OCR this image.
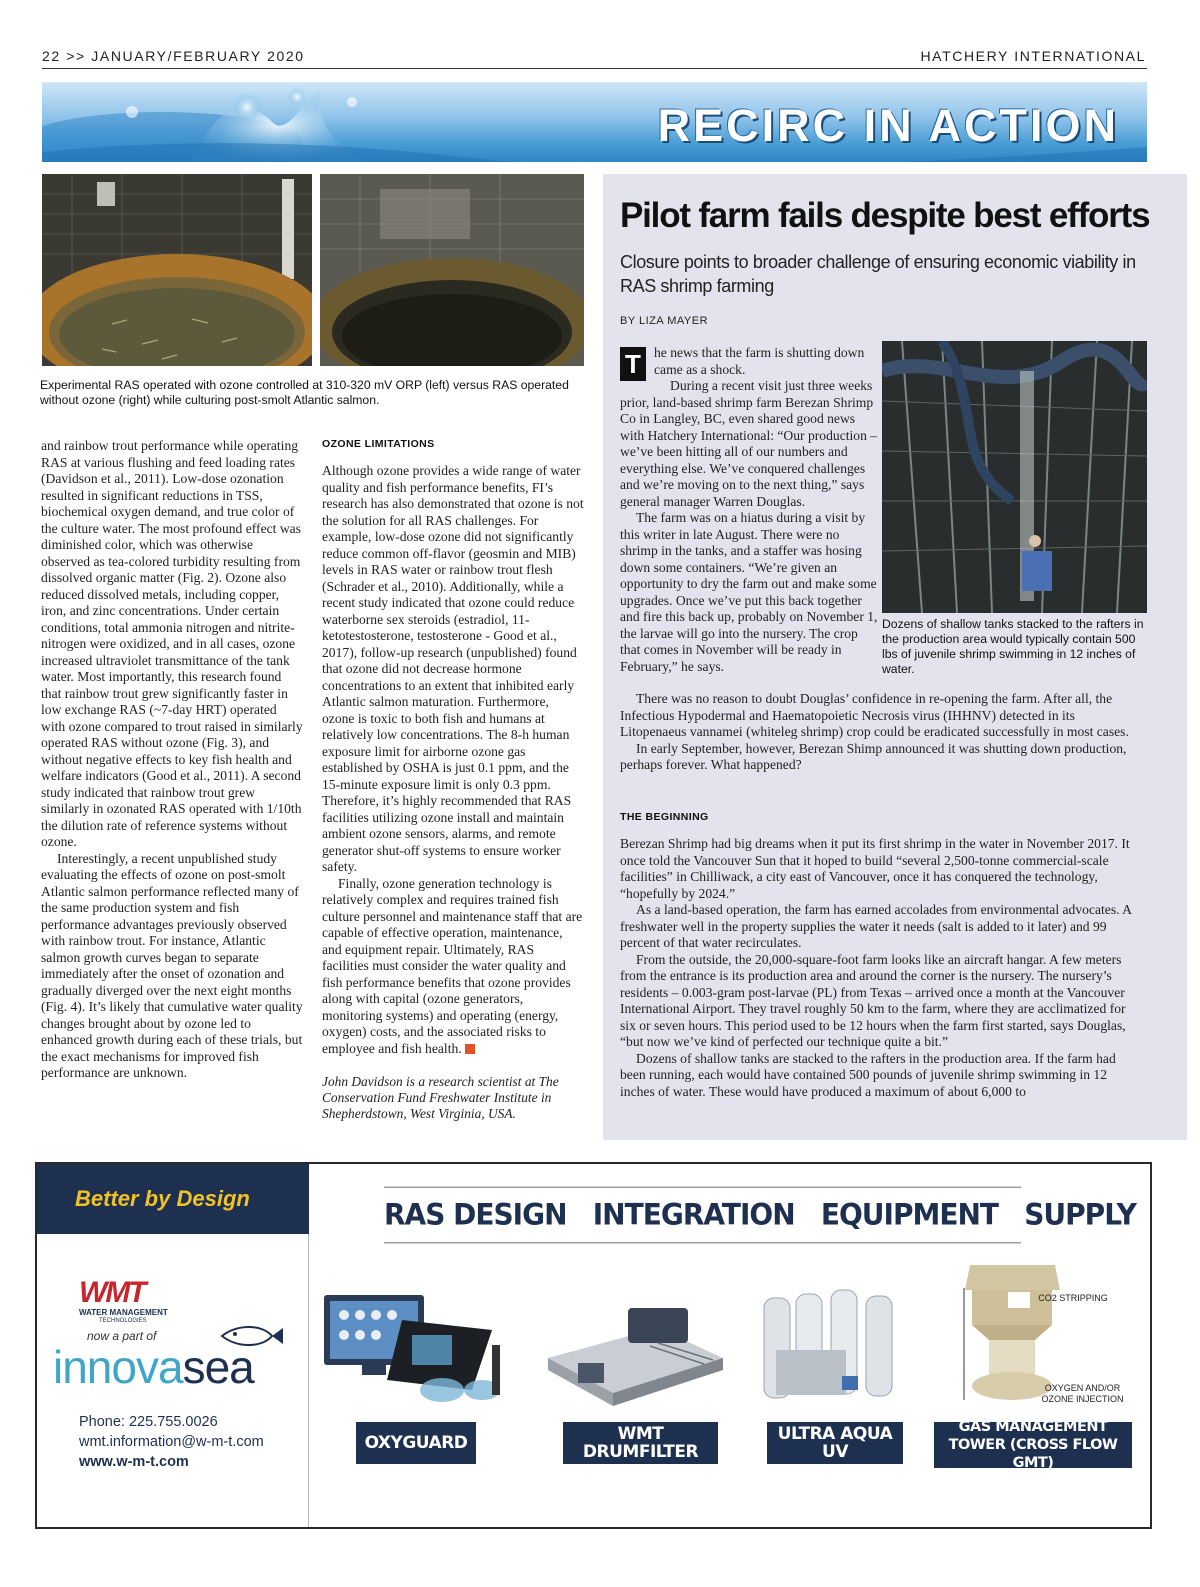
22 >> JANUARY/FEBRUARY 2020	HATCHERY INTERNATIONAL
RECIRC IN ACTION
Experimental RAS operated with ozone controlled at 310-320 mV ORP (left) versus RAS operated without ozone (right) while culturing post-smolt Atlantic salmon.

and rainbow trout performance while operating RAS at various flushing and feed loading rates (Davidson et al., 2011). Low-dose ozonation resulted in significant reductions in TSS, biochemical oxygen demand, and true color of the culture water. The most profound effect was diminished color, which was otherwise observed as tea-colored turbidity resulting from dissolved organic matter (Fig. 2). Ozone also reduced dissolved metals, including copper, iron, and zinc concentrations. Under certain conditions, total ammonia nitrogen and nitrite-nitrogen were oxidized, and in all cases, ozone increased ultraviolet transmittance of the tank water. Most importantly, this research found that rainbow trout grew significantly faster in low exchange RAS (~7-day HRT) operated with ozone compared to trout raised in similarly operated RAS without ozone (Fig. 3), and without negative effects to key fish health and welfare indicators (Good et al., 2011). A second study indicated that rainbow trout grew similarly in ozonated RAS operated with 1/10th the dilution rate of reference systems without ozone.

Interestingly, a recent unpublished study evaluating the effects of ozone on post-smolt Atlantic salmon performance reflected many of the same production system and fish performance advantages previously observed with rainbow trout. For instance, Atlantic salmon growth curves began to separate immediately after the onset of ozonation and gradually diverged over the next eight months (Fig. 4). It’s likely that cumulative water quality changes brought about by ozone led to enhanced growth during each of these trials, but the exact mechanisms for improved fish performance are unknown.

OZONE LIMITATIONS

Although ozone provides a wide range of water quality and fish performance benefits, FI’s research has also demonstrated that ozone is not the solution for all RAS challenges. For example, low-dose ozone did not significantly reduce common off-flavor (geosmin and MIB) levels in RAS water or rainbow trout flesh (Schrader et al., 2010). Additionally, while a recent study indicated that ozone could reduce waterborne sex steroids (estradiol, 11-ketotestosterone, testosterone - Good et al., 2017), follow-up research (unpublished) found that ozone did not decrease hormone concentrations to an extent that inhibited early Atlantic salmon maturation. Furthermore, ozone is toxic to both fish and humans at relatively low concentrations. The 8-h human exposure limit for airborne ozone gas established by OSHA is just 0.1 ppm, and the 15-minute exposure limit is only 0.3 ppm. Therefore, it’s highly recommended that RAS facilities utilizing ozone install and maintain ambient ozone sensors, alarms, and remote generator shut-off systems to ensure worker safety.

Finally, ozone generation technology is relatively complex and requires trained fish culture personnel and maintenance staff that are capable of effective operation, maintenance, and equipment repair. Ultimately, RAS facilities must consider the water quality and fish performance benefits that ozone provides along with capital (ozone generators, monitoring systems) and operating (energy, oxygen) costs, and the associated risks to employee and fish health.

John Davidson is a research scientist at The Conservation Fund Freshwater Institute in Shepherdstown, West Virginia, USA.
Pilot farm fails despite best efforts
Closure points to broader challenge of ensuring economic viability in RAS shrimp farming
BY LIZA MAYER

T he news that the farm is shutting down came as a shock.

During a recent visit just three weeks prior, land-based shrimp farm Berezan Shrimp Co in Langley, BC, even shared good news with Hatchery International: “Our production – we’ve been hitting all of our numbers and everything else. We’ve conquered challenges and we’re moving on to the next thing,” says general manager Warren Douglas.

The farm was on a hiatus during a visit by this writer in late August. There were no shrimp in the tanks, and a staffer was hosing down some containers. “We’re given an opportunity to dry the farm out and make some upgrades. Once we’ve put this back together and fire this back up, probably on November 1, the larvae will go into the nursery. The crop that comes in November will be ready in February,” he says.

Dozens of shallow tanks stacked to the rafters in the production area would typically contain 500 lbs of juvenile shrimp swimming in 12 inches of water.

There was no reason to doubt Douglas’ confidence in re-opening the farm. After all, the Infectious Hypodermal and Haematopoietic Necrosis virus (IHHNV) detected in its Litopenaeus vannamei (whiteleg shrimp) crop could be eradicated successfully in most cases.

In early September, however, Berezan Shimp announced it was shutting down production, perhaps forever. What happened?

THE BEGINNING

Berezan Shrimp had big dreams when it put its first shrimp in the water in November 2017. It once told the Vancouver Sun that it hoped to build “several 2,500-tonne commercial-scale facilities” in Chilliwack, a city east of Vancouver, once it has conquered the technology, “hopefully by 2024.”

As a land-based operation, the farm has earned accolades from environmental advocates. A freshwater well in the property supplies the water it needs (salt is added to it later) and 99 percent of that water recirculates.

From the outside, the 20,000-square-foot farm looks like an aircraft hangar. A few meters from the entrance is its production area and around the corner is the nursery. The nursery’s residents – 0.003-gram post-larvae (PL) from Texas – arrived once a month at the Vancouver International Airport. They travel roughly 50 km to the farm, where they are acclimatized for six or seven hours. This period used to be 12 hours when the farm first started, says Douglas, “but now we’ve kind of perfected our technique quite a bit.”

Dozens of shallow tanks are stacked to the rafters in the production area. If the farm had been running, each would have contained 500 pounds of juvenile shrimp swimming in 12 inches of water. These would have produced a maximum of about 6,000 to

Better by Design
WMT
WATER MANAGEMENT
TECHNOLOGIES
now a part of
innovasea
Phone: 225.755.0026
wmt.information@w-m-t.com
www.w-m-t.com
RAS DESIGN   INTEGRATION   EQUIPMENT   SUPPLY
CO2 STRIPPING
OXYGEN AND/OR OZONE INJECTION
OXYGUARD	WMT DRUMFILTER
ULTRA AQUA UV
GAS MANAGEMENT TOWER (CROSS FLOW GMT)
